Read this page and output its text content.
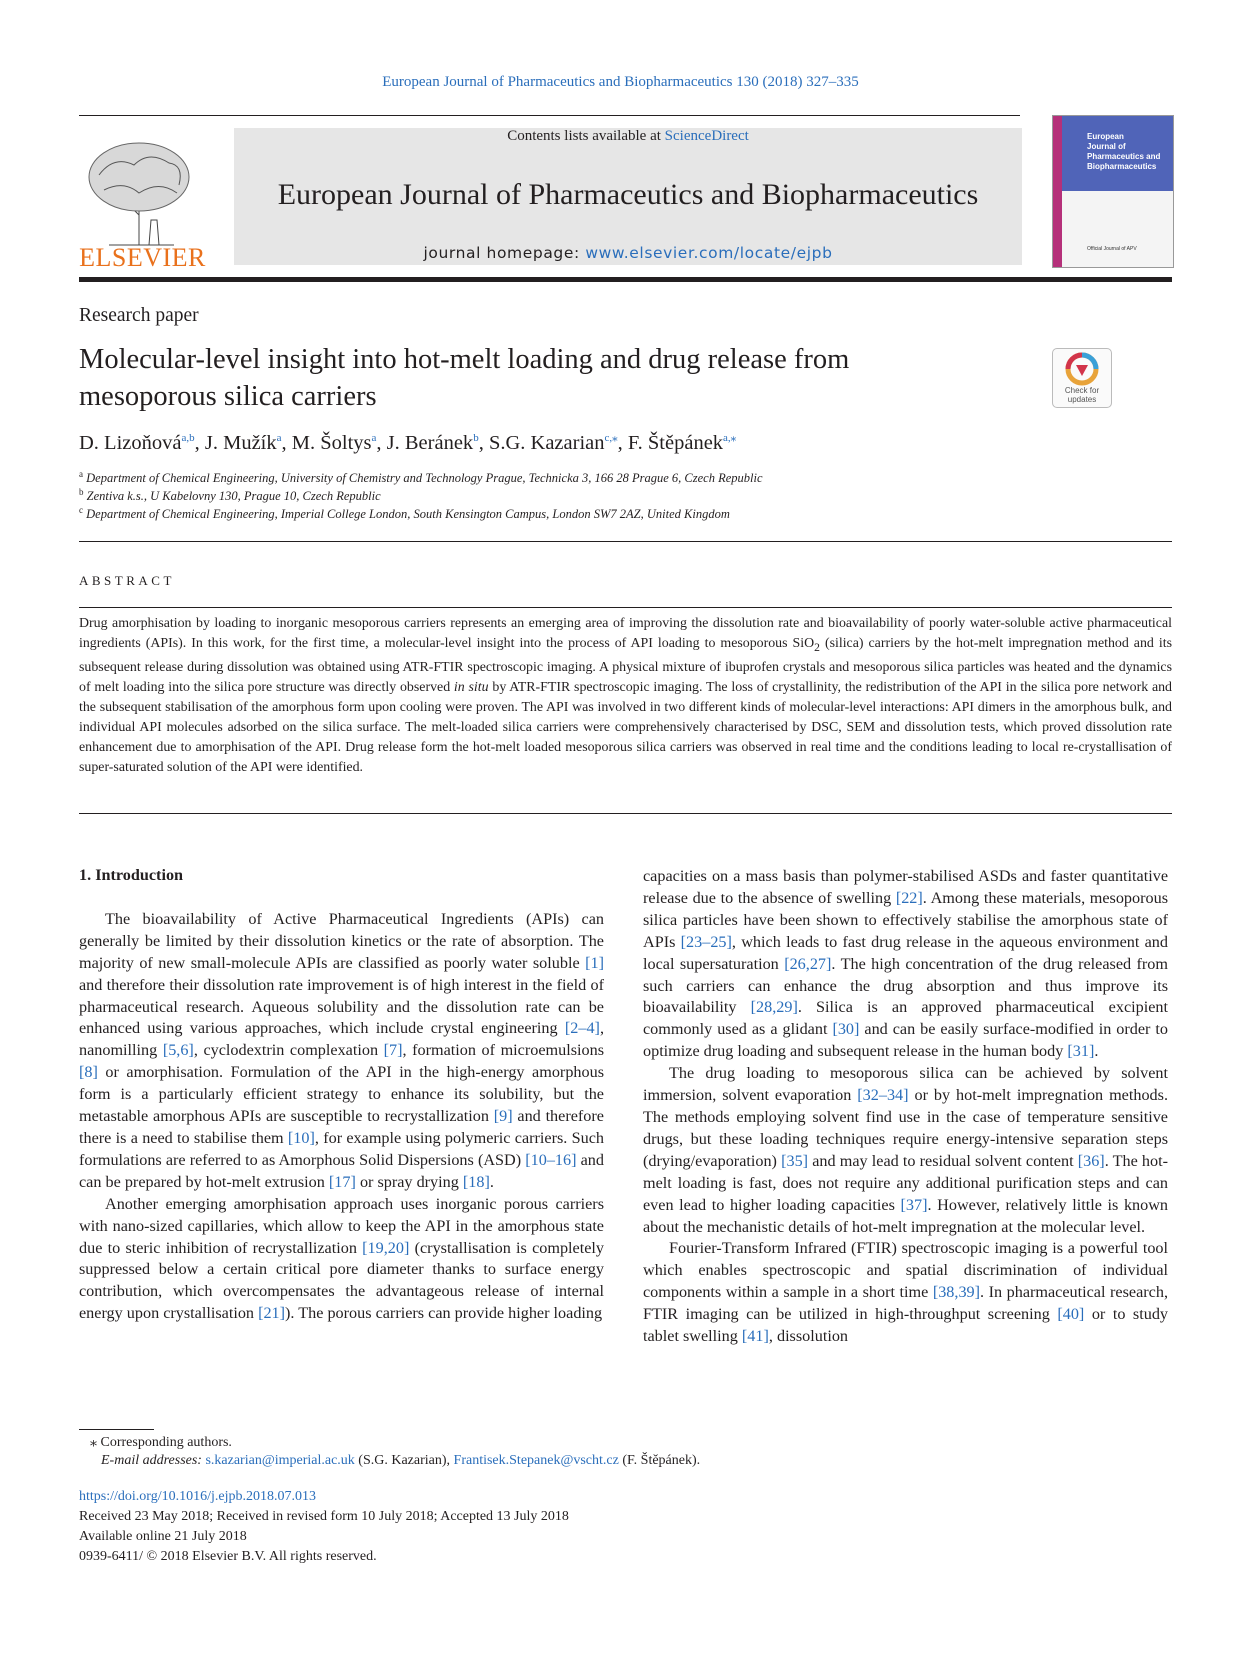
European Journal of Pharmaceutics and Biopharmaceutics 130 (2018) 327–335
ELSEVIER
Contents lists available at ScienceDirect
European Journal of Pharmaceutics and Biopharmaceutics
journal homepage: www.elsevier.com/locate/ejpb
European
Journal of
Pharmaceutics and
Biopharmaceutics
Official Journal of APV
Research paper
Molecular-level insight into hot-melt loading and drug release from mesoporous silica carriers	Check for updates
D. Lizoňová$^{a,b}$, J. Mužík$^a$, M. Šoltys$^a$, J. Beránek$^b$, S.G. Kazarian$^{c,⁎}$, F. Štěpánek$^{a,⁎}$
$^a$ Department of Chemical Engineering, University of Chemistry and Technology Prague, Technicka 3, 166 28 Prague 6, Czech Republic
$^b$ Zentiva k.s., U Kabelovny 130, Prague 10, Czech Republic
$^c$ Department of Chemical Engineering, Imperial College London, South Kensington Campus, London SW7 2AZ, United Kingdom
ABSTRACT
Drug amorphisation by loading to inorganic mesoporous carriers represents an emerging area of improving the dissolution rate and bioavailability of poorly water-soluble active pharmaceutical ingredients (APIs). In this work, for the first time, a molecular-level insight into the process of API loading to mesoporous SiO$_2$ (silica) carriers by the hot-melt impregnation method and its subsequent release during dissolution was obtained using ATR-FTIR spectroscopic imaging. A physical mixture of ibuprofen crystals and mesoporous silica particles was heated and the dynamics of melt loading into the silica pore structure was directly observed in situ by ATR-FTIR spectroscopic imaging. The loss of crystallinity, the redistribution of the API in the silica pore network and the subsequent stabilisation of the amorphous form upon cooling were proven. The API was involved in two different kinds of molecular-level interactions: API dimers in the amorphous bulk, and individual API molecules adsorbed on the silica surface. The melt-loaded silica carriers were comprehensively characterised by DSC, SEM and dissolution tests, which proved dissolution rate enhancement due to amorphisation of the API. Drug release form the hot-melt loaded mesoporous silica carriers was observed in real time and the conditions leading to local re-crystallisation of super-saturated solution of the API were identified.
1. Introduction

The bioavailability of Active Pharmaceutical Ingredients (APIs) can generally be limited by their dissolution kinetics or the rate of absorption. The majority of new small-molecule APIs are classified as poorly water soluble [1] and therefore their dissolution rate improvement is of high interest in the field of pharmaceutical research. Aqueous solubility and the dissolution rate can be enhanced using various approaches, which include crystal engineering [2–4], nanomilling [5,6], cyclodextrin complexation [7], formation of microemulsions [8] or amorphisation. Formulation of the API in the high-energy amorphous form is a particularly efficient strategy to enhance its solubility, but the metastable amorphous APIs are susceptible to recrystallization [9] and therefore there is a need to stabilise them [10], for example using polymeric carriers. Such formulations are referred to as Amorphous Solid Dispersions (ASD) [10–16] and can be prepared by hot-melt extrusion [17] or spray drying [18].

Another emerging amorphisation approach uses inorganic porous carriers with nano-sized capillaries, which allow to keep the API in the amorphous state due to steric inhibition of recrystallization [19,20] (crystallisation is completely suppressed below a certain critical pore diameter thanks to surface energy contribution, which overcompensates the advantageous release of internal energy upon crystallisation [21]). The porous carriers can provide higher loading

capacities on a mass basis than polymer-stabilised ASDs and faster quantitative release due to the absence of swelling [22]. Among these materials, mesoporous silica particles have been shown to effectively stabilise the amorphous state of APIs [23–25], which leads to fast drug release in the aqueous environment and local supersaturation [26,27]. The high concentration of the drug released from such carriers can enhance the drug absorption and thus improve its bioavailability [28,29]. Silica is an approved pharmaceutical excipient commonly used as a glidant [30] and can be easily surface-modified in order to optimize drug loading and subsequent release in the human body [31].

The drug loading to mesoporous silica can be achieved by solvent immersion, solvent evaporation [32–34] or by hot-melt impregnation methods. The methods employing solvent find use in the case of temperature sensitive drugs, but these loading techniques require energy-intensive separation steps (drying/evaporation) [35] and may lead to residual solvent content [36]. The hot-melt loading is fast, does not require any additional purification steps and can even lead to higher loading capacities [37]. However, relatively little is known about the mechanistic details of hot-melt impregnation at the molecular level.

Fourier-Transform Infrared (FTIR) spectroscopic imaging is a powerful tool which enables spectroscopic and spatial discrimination of individual components within a sample in a short time [38,39]. In pharmaceutical research, FTIR imaging can be utilized in high-throughput screening [40] or to study tablet swelling [41], dissolution

⁎ Corresponding authors.
E-mail addresses: s.kazarian@imperial.ac.uk (S.G. Kazarian), Frantisek.Stepanek@vscht.cz (F. Štěpánek).
https://doi.org/10.1016/j.ejpb.2018.07.013
Received 23 May 2018; Received in revised form 10 July 2018; Accepted 13 July 2018
Available online 21 July 2018
0939-6411/ © 2018 Elsevier B.V. All rights reserved.
